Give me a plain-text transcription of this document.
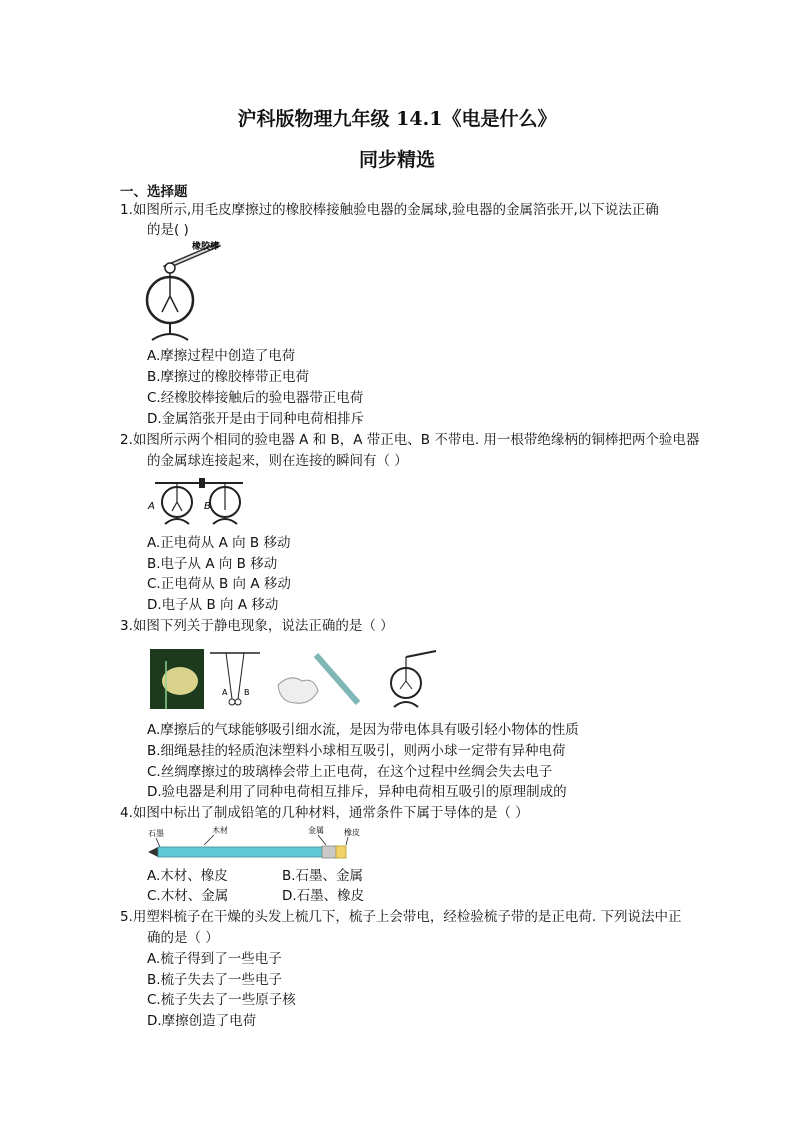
沪科版物理九年级 14.1《电是什么》
同步精选
一、选择题
1.如图所示,用毛皮摩擦过的橡胶棒接触验电器的金属球,验电器的金属箔张开,以下说法正确
的是( )
橡胶棒
A.摩擦过程中创造了电荷
B.摩擦过的橡胶棒带正电荷
C.经橡胶棒接触后的验电器带正电荷
D.金属箔张开是由于同种电荷相排斥
2.如图所示两个相同的验电器 A 和 B，A 带正电、B 不带电. 用一根带绝缘柄的铜棒把两个验电器
的金属球连接起来，则在连接的瞬间有（ ）
A	B
A.正电荷从 A 向 B 移动
B.电子从 A 向 B 移动
C.正电荷从 B 向 A 移动
D.电子从 B 向 A 移动
3.如图下列关于静电现象，说法正确的是（ ）
A B
A.摩擦后的气球能够吸引细水流，是因为带电体具有吸引轻小物体的性质
B.细绳悬挂的轻质泡沫塑料小球相互吸引，则两小球一定带有异种电荷
C.丝绸摩擦过的玻璃棒会带上正电荷，在这个过程中丝绸会失去电子
D.验电器是利用了同种电荷相互排斥，异种电荷相互吸引的原理制成的
4.如图中标出了制成铅笔的几种材料，通常条件下属于导体的是（ ）
石墨	木材	金属	橡皮
A.木材、橡皮	B.石墨、金属
C.木材、金属	D.石墨、橡皮
5.用塑料梳子在干燥的头发上梳几下，梳子上会带电，经检验梳子带的是正电荷. 下列说法中正
确的是（ ）
A.梳子得到了一些电子
B.梳子失去了一些电子
C.梳子失去了一些原子核
D.摩擦创造了电荷
